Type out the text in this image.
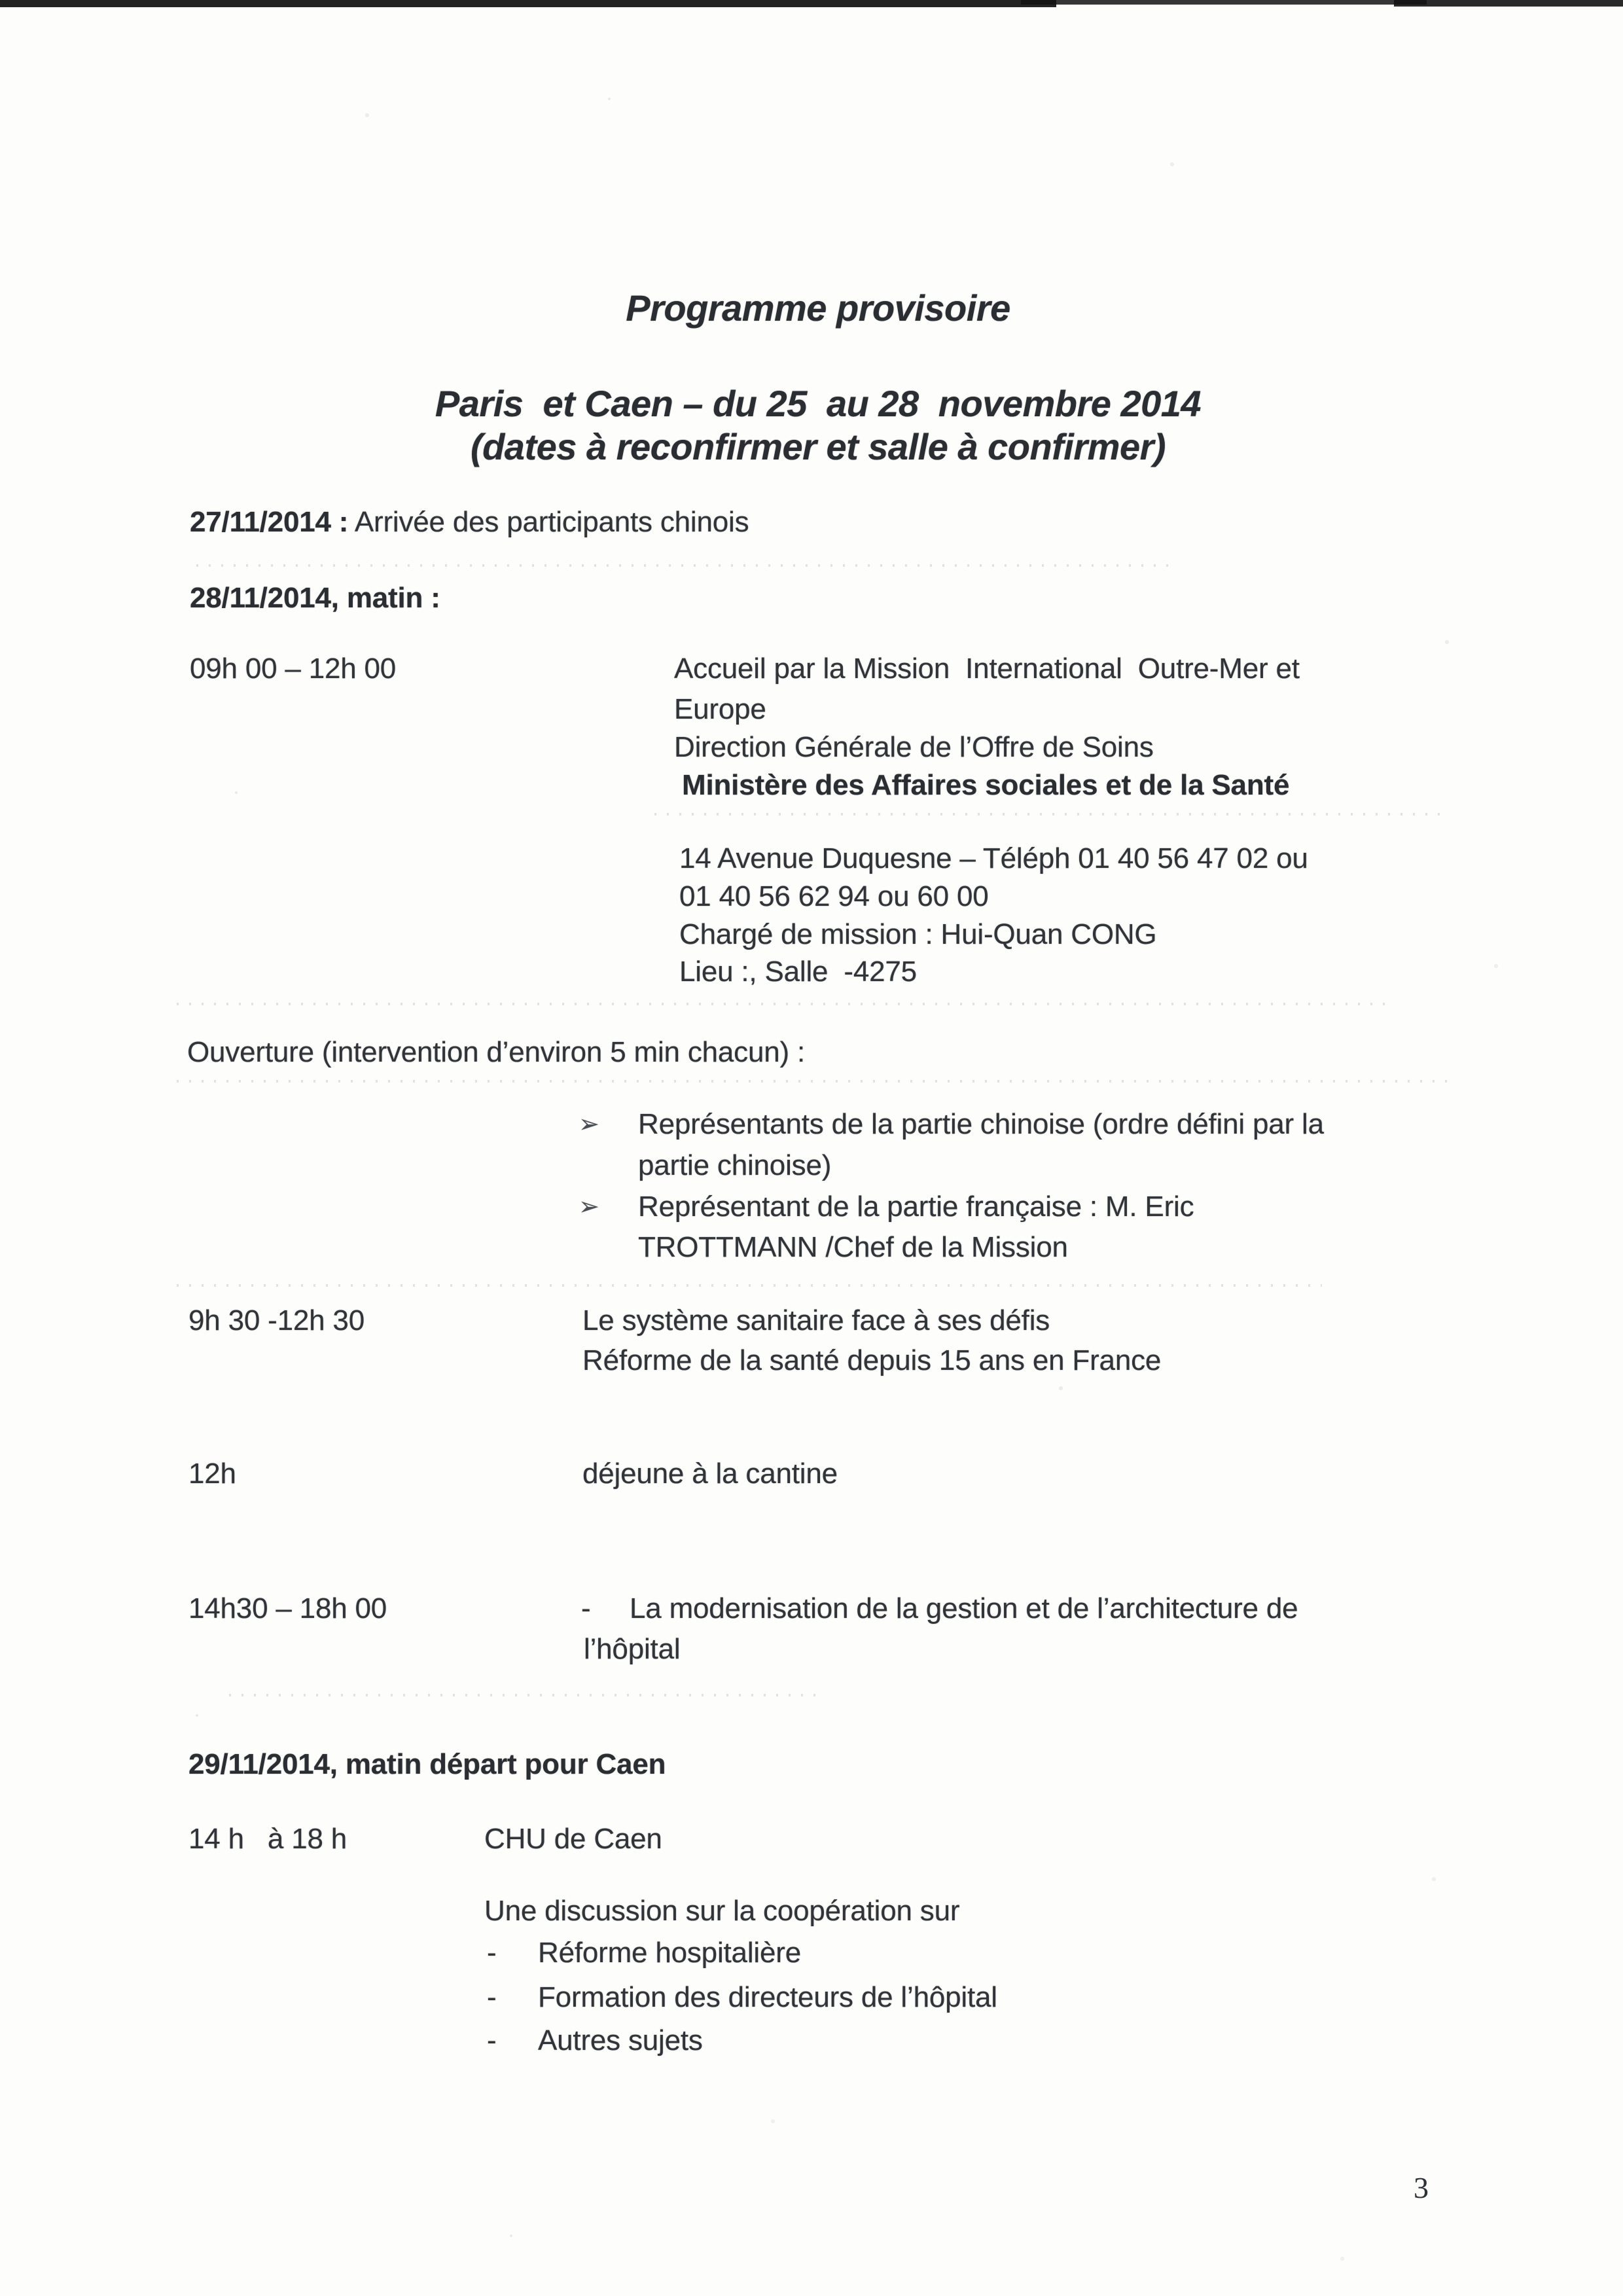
Programme provisoire
Paris  et Caen – du 25  au 28  novembre 2014
(dates à reconfirmer et salle à confirmer)
27/11/2014 : Arrivée des participants chinois
28/11/2014, matin :
09h 00 – 12h 00	Accueil par la Mission  International  Outre-Mer et
Europe
Direction Générale de l’Offre de Soins
Ministère des Affaires sociales et de la Santé
14 Avenue Duquesne – Téléph 01 40 56 47 02 ou
01 40 56 62 94 ou 60 00
Chargé de mission : Hui-Quan CONG
Lieu :, Salle  -4275
Ouverture (intervention d’environ 5 min chacun) :
➢ Représentants de la partie chinoise (ordre défini par la
partie chinoise)
➢ Représentant de la partie française : M. Eric
TROTTMANN /Chef de la Mission
9h 30 -12h 30	Le système sanitaire face à ses défis
Réforme de la santé depuis 15 ans en France
12h	déjeune à la cantine
14h30 – 18h 00	- La modernisation de la gestion et de l’architecture de
l’hôpital
29/11/2014, matin départ pour Caen
14 h   à 18 h	CHU de Caen
Une discussion sur la coopération sur
- Réforme hospitalière
- Formation des directeurs de l’hôpital
- Autres sujets
3
